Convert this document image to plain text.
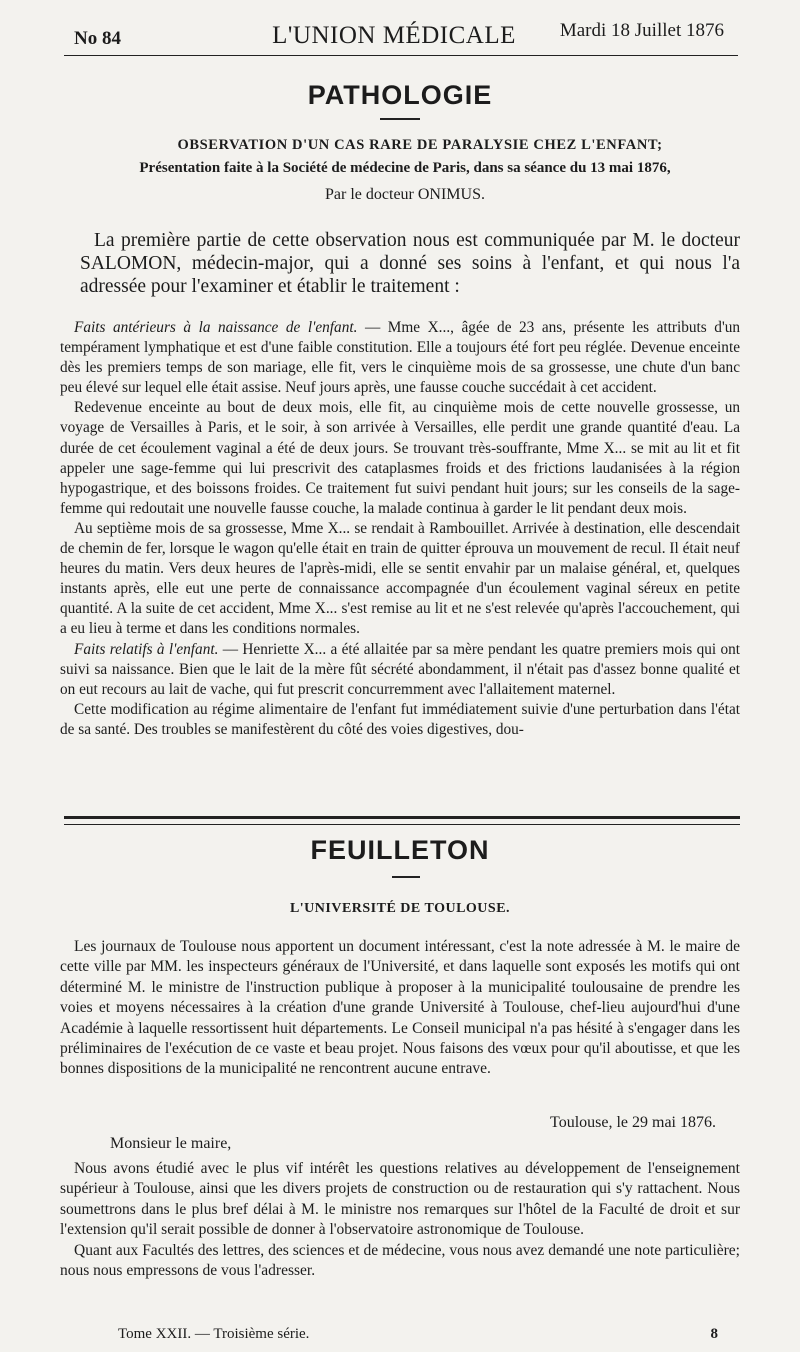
No 84	L'UNION MÉDICALE	Mardi 18 Juillet 1876
PATHOLOGIE
OBSERVATION D'UN CAS RARE DE PARALYSIE CHEZ L'ENFANT;
Présentation faite à la Société de médecine de Paris, dans sa séance du 13 mai 1876,
Par le docteur ONIMUS.

La première partie de cette observation nous est communiquée par M. le docteur SALOMON, médecin-major, qui a donné ses soins à l'enfant, et qui nous l'a adressée pour l'examiner et établir le traitement :

Faits antérieurs à la naissance de l'enfant. — Mme X..., âgée de 23 ans, présente les attributs d'un tempérament lymphatique et est d'une faible constitution. Elle a toujours été fort peu réglée. Devenue enceinte dès les premiers temps de son mariage, elle fit, vers le cinquième mois de sa grossesse, une chute d'un banc peu élevé sur lequel elle était assise. Neuf jours après, une fausse couche succédait à cet accident.

Redevenue enceinte au bout de deux mois, elle fit, au cinquième mois de cette nouvelle grossesse, un voyage de Versailles à Paris, et le soir, à son arrivée à Versailles, elle perdit une grande quantité d'eau. La durée de cet écoulement vaginal a été de deux jours. Se trouvant très-souffrante, Mme X... se mit au lit et fit appeler une sage-femme qui lui prescrivit des cataplasmes froids et des frictions laudanisées à la région hypogastrique, et des boissons froides. Ce traitement fut suivi pendant huit jours; sur les conseils de la sage-femme qui redoutait une nouvelle fausse couche, la malade continua à garder le lit pendant deux mois.

Au septième mois de sa grossesse, Mme X... se rendait à Rambouillet. Arrivée à destination, elle descendait de chemin de fer, lorsque le wagon qu'elle était en train de quitter éprouva un mouvement de recul. Il était neuf heures du matin. Vers deux heures de l'après-midi, elle se sentit envahir par un malaise général, et, quelques instants après, elle eut une perte de connaissance accompagnée d'un écoulement vaginal séreux en petite quantité. A la suite de cet accident, Mme X... s'est remise au lit et ne s'est relevée qu'après l'accouchement, qui a eu lieu à terme et dans les conditions normales.

Faits relatifs à l'enfant. — Henriette X... a été allaitée par sa mère pendant les quatre premiers mois qui ont suivi sa naissance. Bien que le lait de la mère fût sécrété abondamment, il n'était pas d'assez bonne qualité et on eut recours au lait de vache, qui fut prescrit concurremment avec l'allaitement maternel.

Cette modification au régime alimentaire de l'enfant fut immédiatement suivie d'une perturbation dans l'état de sa santé. Des troubles se manifestèrent du côté des voies digestives, dou-

FEUILLETON
L'UNIVERSITÉ DE TOULOUSE.

Les journaux de Toulouse nous apportent un document intéressant, c'est la note adressée à M. le maire de cette ville par MM. les inspecteurs généraux de l'Université, et dans laquelle sont exposés les motifs qui ont déterminé M. le ministre de l'instruction publique à proposer à la municipalité toulousaine de prendre les voies et moyens nécessaires à la création d'une grande Université à Toulouse, chef-lieu aujourd'hui d'une Académie à laquelle ressortissent huit départements. Le Conseil municipal n'a pas hésité à s'engager dans les préliminaires de l'exécution de ce vaste et beau projet. Nous faisons des vœux pour qu'il aboutisse, et que les bonnes dispositions de la municipalité ne rencontrent aucune entrave.

Toulouse, le 29 mai 1876.
Monsieur le maire,

Nous avons étudié avec le plus vif intérêt les questions relatives au développement de l'enseignement supérieur à Toulouse, ainsi que les divers projets de construction ou de restauration qui s'y rattachent. Nous soumettrons dans le plus bref délai à M. le ministre nos remarques sur l'hôtel de la Faculté de droit et sur l'extension qu'il serait possible de donner à l'observatoire astronomique de Toulouse.

Quant aux Facultés des lettres, des sciences et de médecine, vous nous avez demandé une note particulière; nous nous empressons de vous l'adresser.

Tome XXII. — Troisième série.	8
